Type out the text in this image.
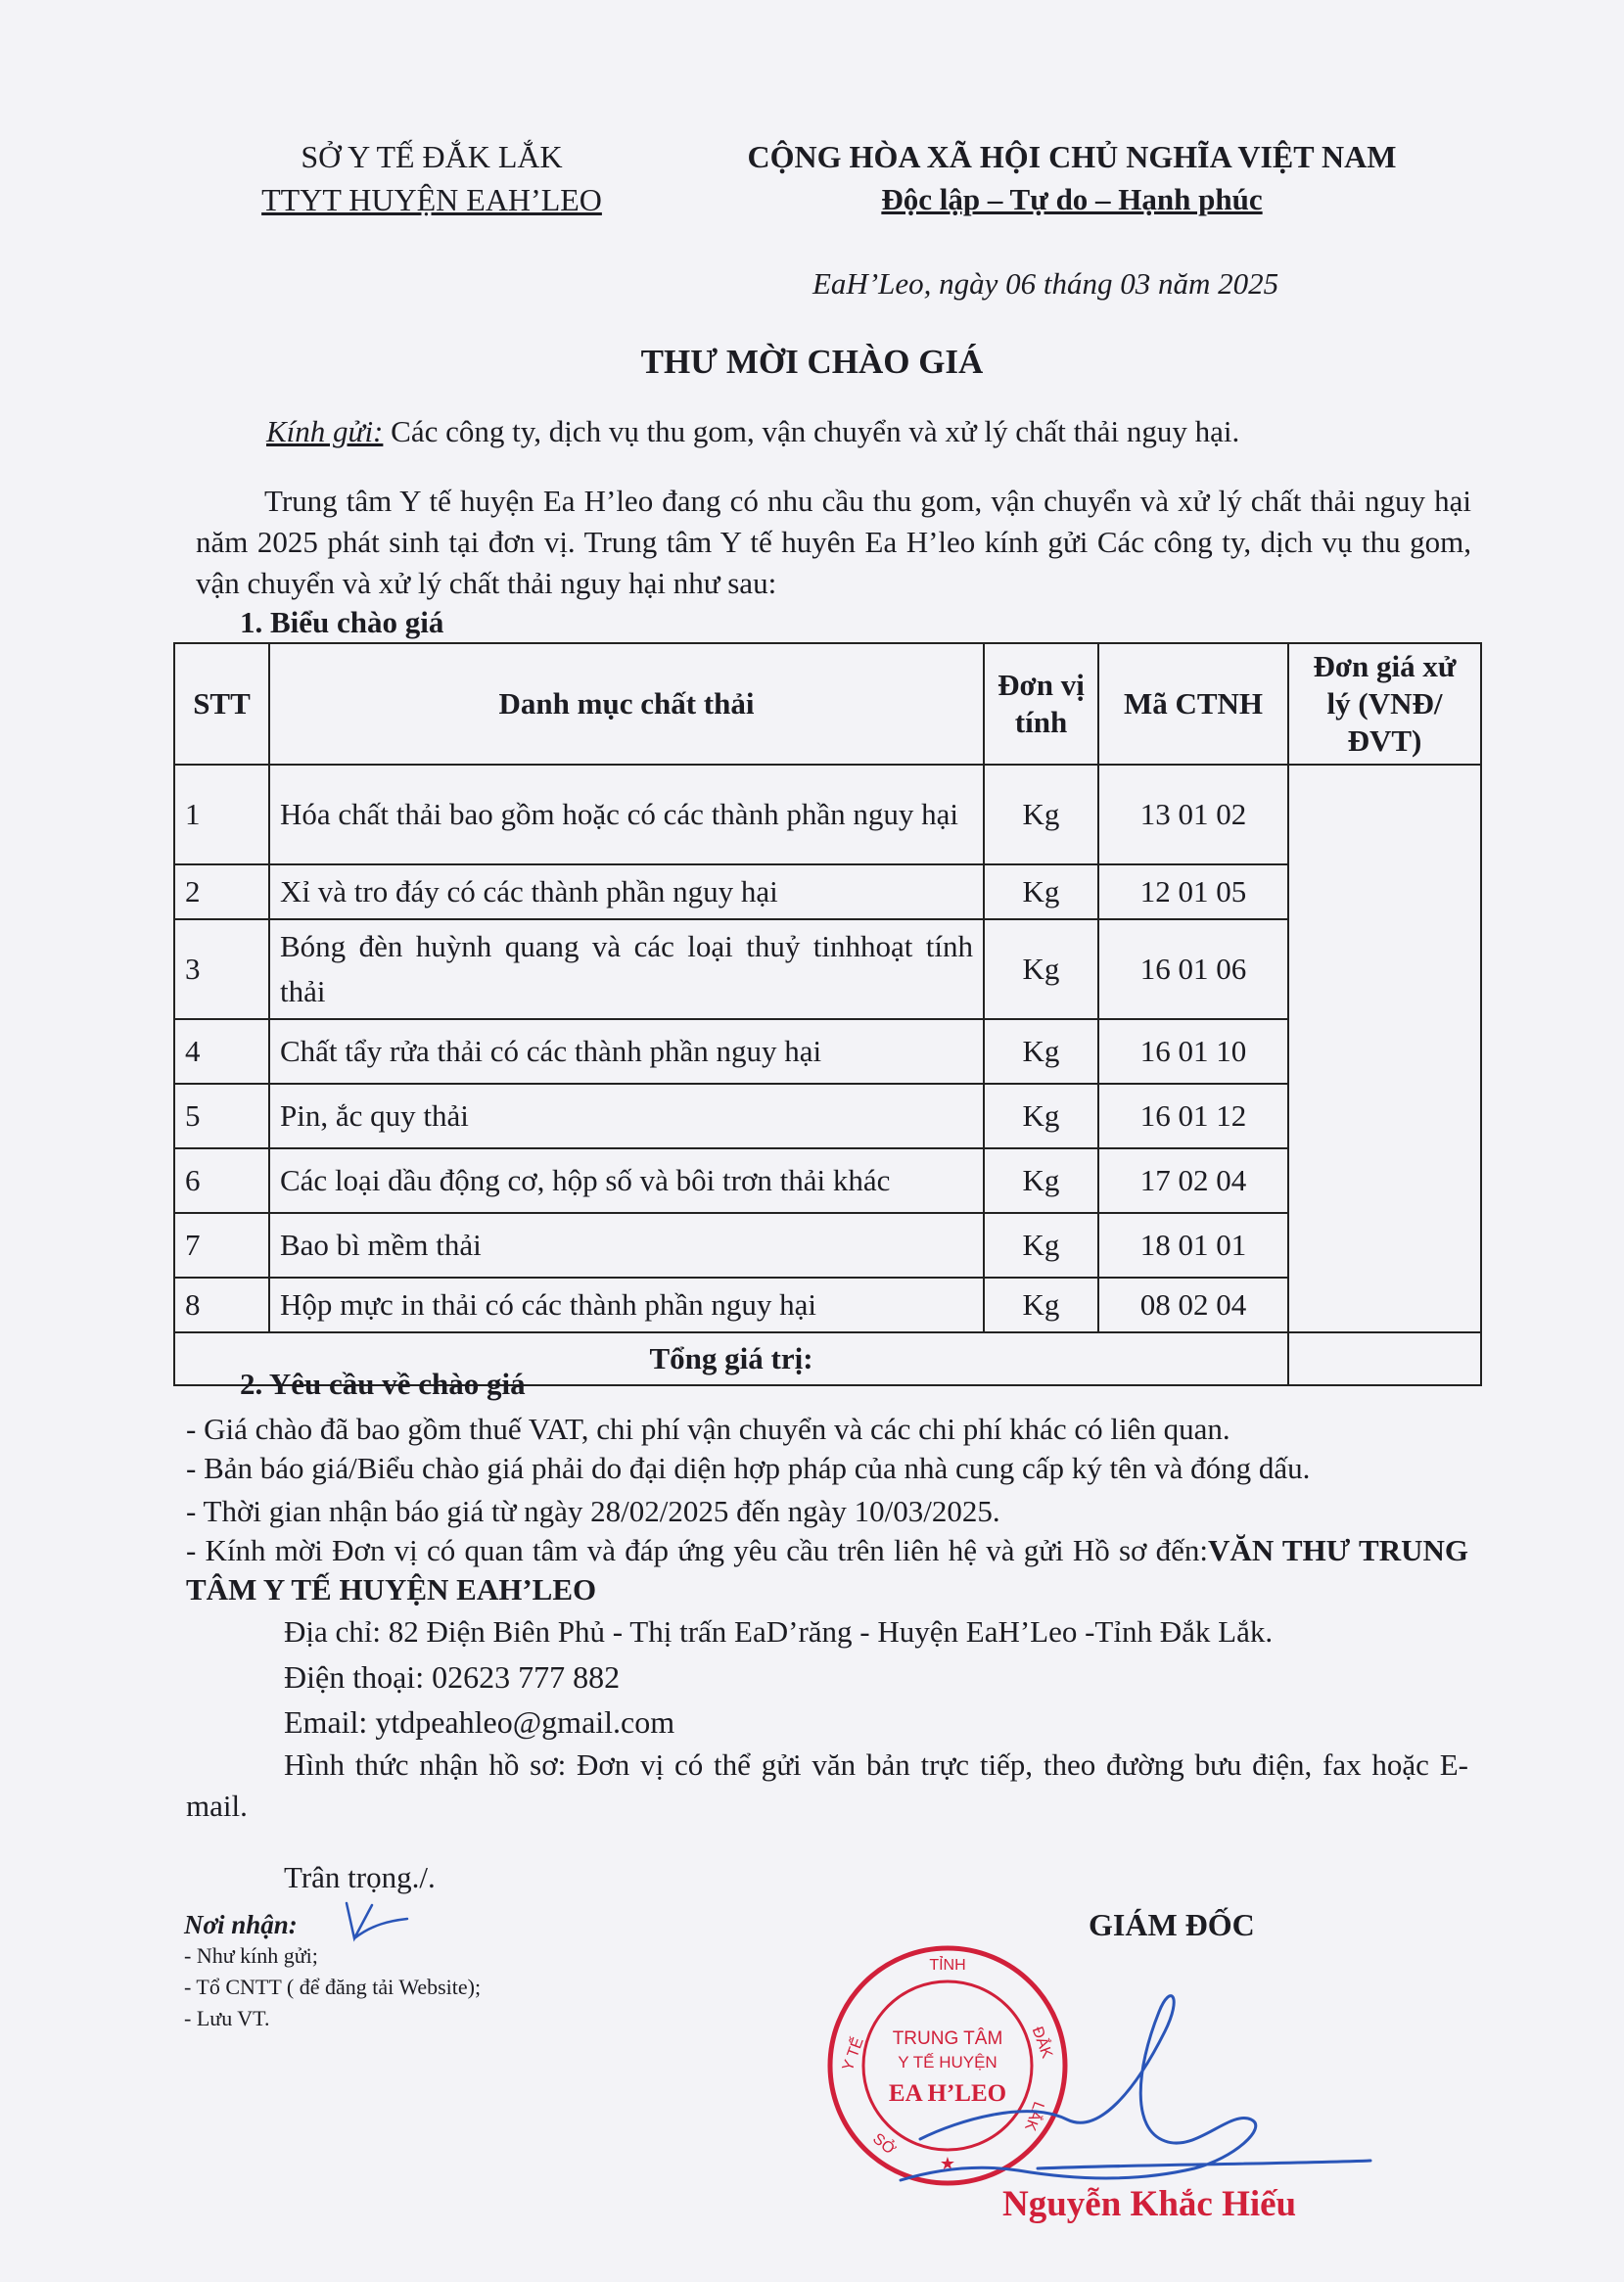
SỞ Y TẾ ĐẮK LẮK
TTYT HUYỆN EAH’LEO
CỘNG HÒA XÃ HỘI CHỦ NGHĨA VIỆT NAM
Độc lập – Tự do – Hạnh phúc
EaH’Leo, ngày 06 tháng 03 năm 2025
THƯ MỜI CHÀO GIÁ
Kính gửi: Các công ty, dịch vụ thu gom, vận chuyển và xử lý chất thải nguy hại.
Trung tâm Y tế huyện Ea H’leo đang có nhu cầu thu gom, vận chuyển và xử lý chất thải nguy hại năm 2025 phát sinh tại đơn vị. Trung tâm Y tế huyên Ea H’leo kính gửi Các công ty, dịch vụ thu gom, vận chuyển và xử lý chất thải nguy hại như sau:
1. Biểu chào giá
STT	Danh mục chất thải	Đơn vị tính	Mã CTNH	Đơn giá xử lý (VNĐ/ĐVT)
1	Hóa chất thải bao gồm hoặc có các thành phần nguy hại	Kg	13 01 02	
2	Xỉ và tro đáy có các thành phần nguy hại	Kg	12 01 05	
3	Bóng đèn huỳnh quang và các loại thuỷ tinhhoạt tính thải	Kg	16 01 06	
4	Chất tẩy rửa thải có các thành phần nguy hại	Kg	16 01 10	
5	Pin, ắc quy thải	Kg	16 01 12	
6	Các loại dầu động cơ, hộp số và bôi trơn thải khác	Kg	17 02 04	
7	Bao bì mềm thải	Kg	18 01 01	
8	Hộp mực in thải có các thành phần nguy hại	Kg	08 02 04	
Tổng giá trị:				
2. Yêu cầu về chào giá

- Giá chào đã bao gồm thuế VAT, chi phí vận chuyển và các chi phí khác có liên quan.

- Bản báo giá/Biểu chào giá phải do đại diện hợp pháp của nhà cung cấp ký tên và đóng dấu.

- Thời gian nhận báo giá từ ngày 28/02/2025 đến ngày 10/03/2025.

- Kính mời Đơn vị có quan tâm và đáp ứng yêu cầu trên liên hệ và gửi Hồ sơ đến:VĂN THƯ TRUNG TÂM Y TẾ HUYỆN EAH’LEO

Địa chỉ: 82 Điện Biên Phủ - Thị trấn EaD’răng - Huyện EaH’Leo -Tỉnh Đắk Lắk.

Điện thoại: 02623 777 882

Email: ytdpeahleo@gmail.com

Hình thức nhận hồ sơ: Đơn vị có thể gửi văn bản trực tiếp, theo đường bưu điện, fax hoặc E-mail.

Trân trọng./.
Nơi nhận:
- Như kính gửi;
- Tổ CNTT ( để đăng tải Website);
- Lưu VT.
GIÁM ĐỐC
TỈNH
Y TẾ	ĐẮK
LẮK
SỞ
★
TRUNG TÂM
Y TẾ HUYỆN
EA H’LEO
Nguyễn Khắc Hiếu
